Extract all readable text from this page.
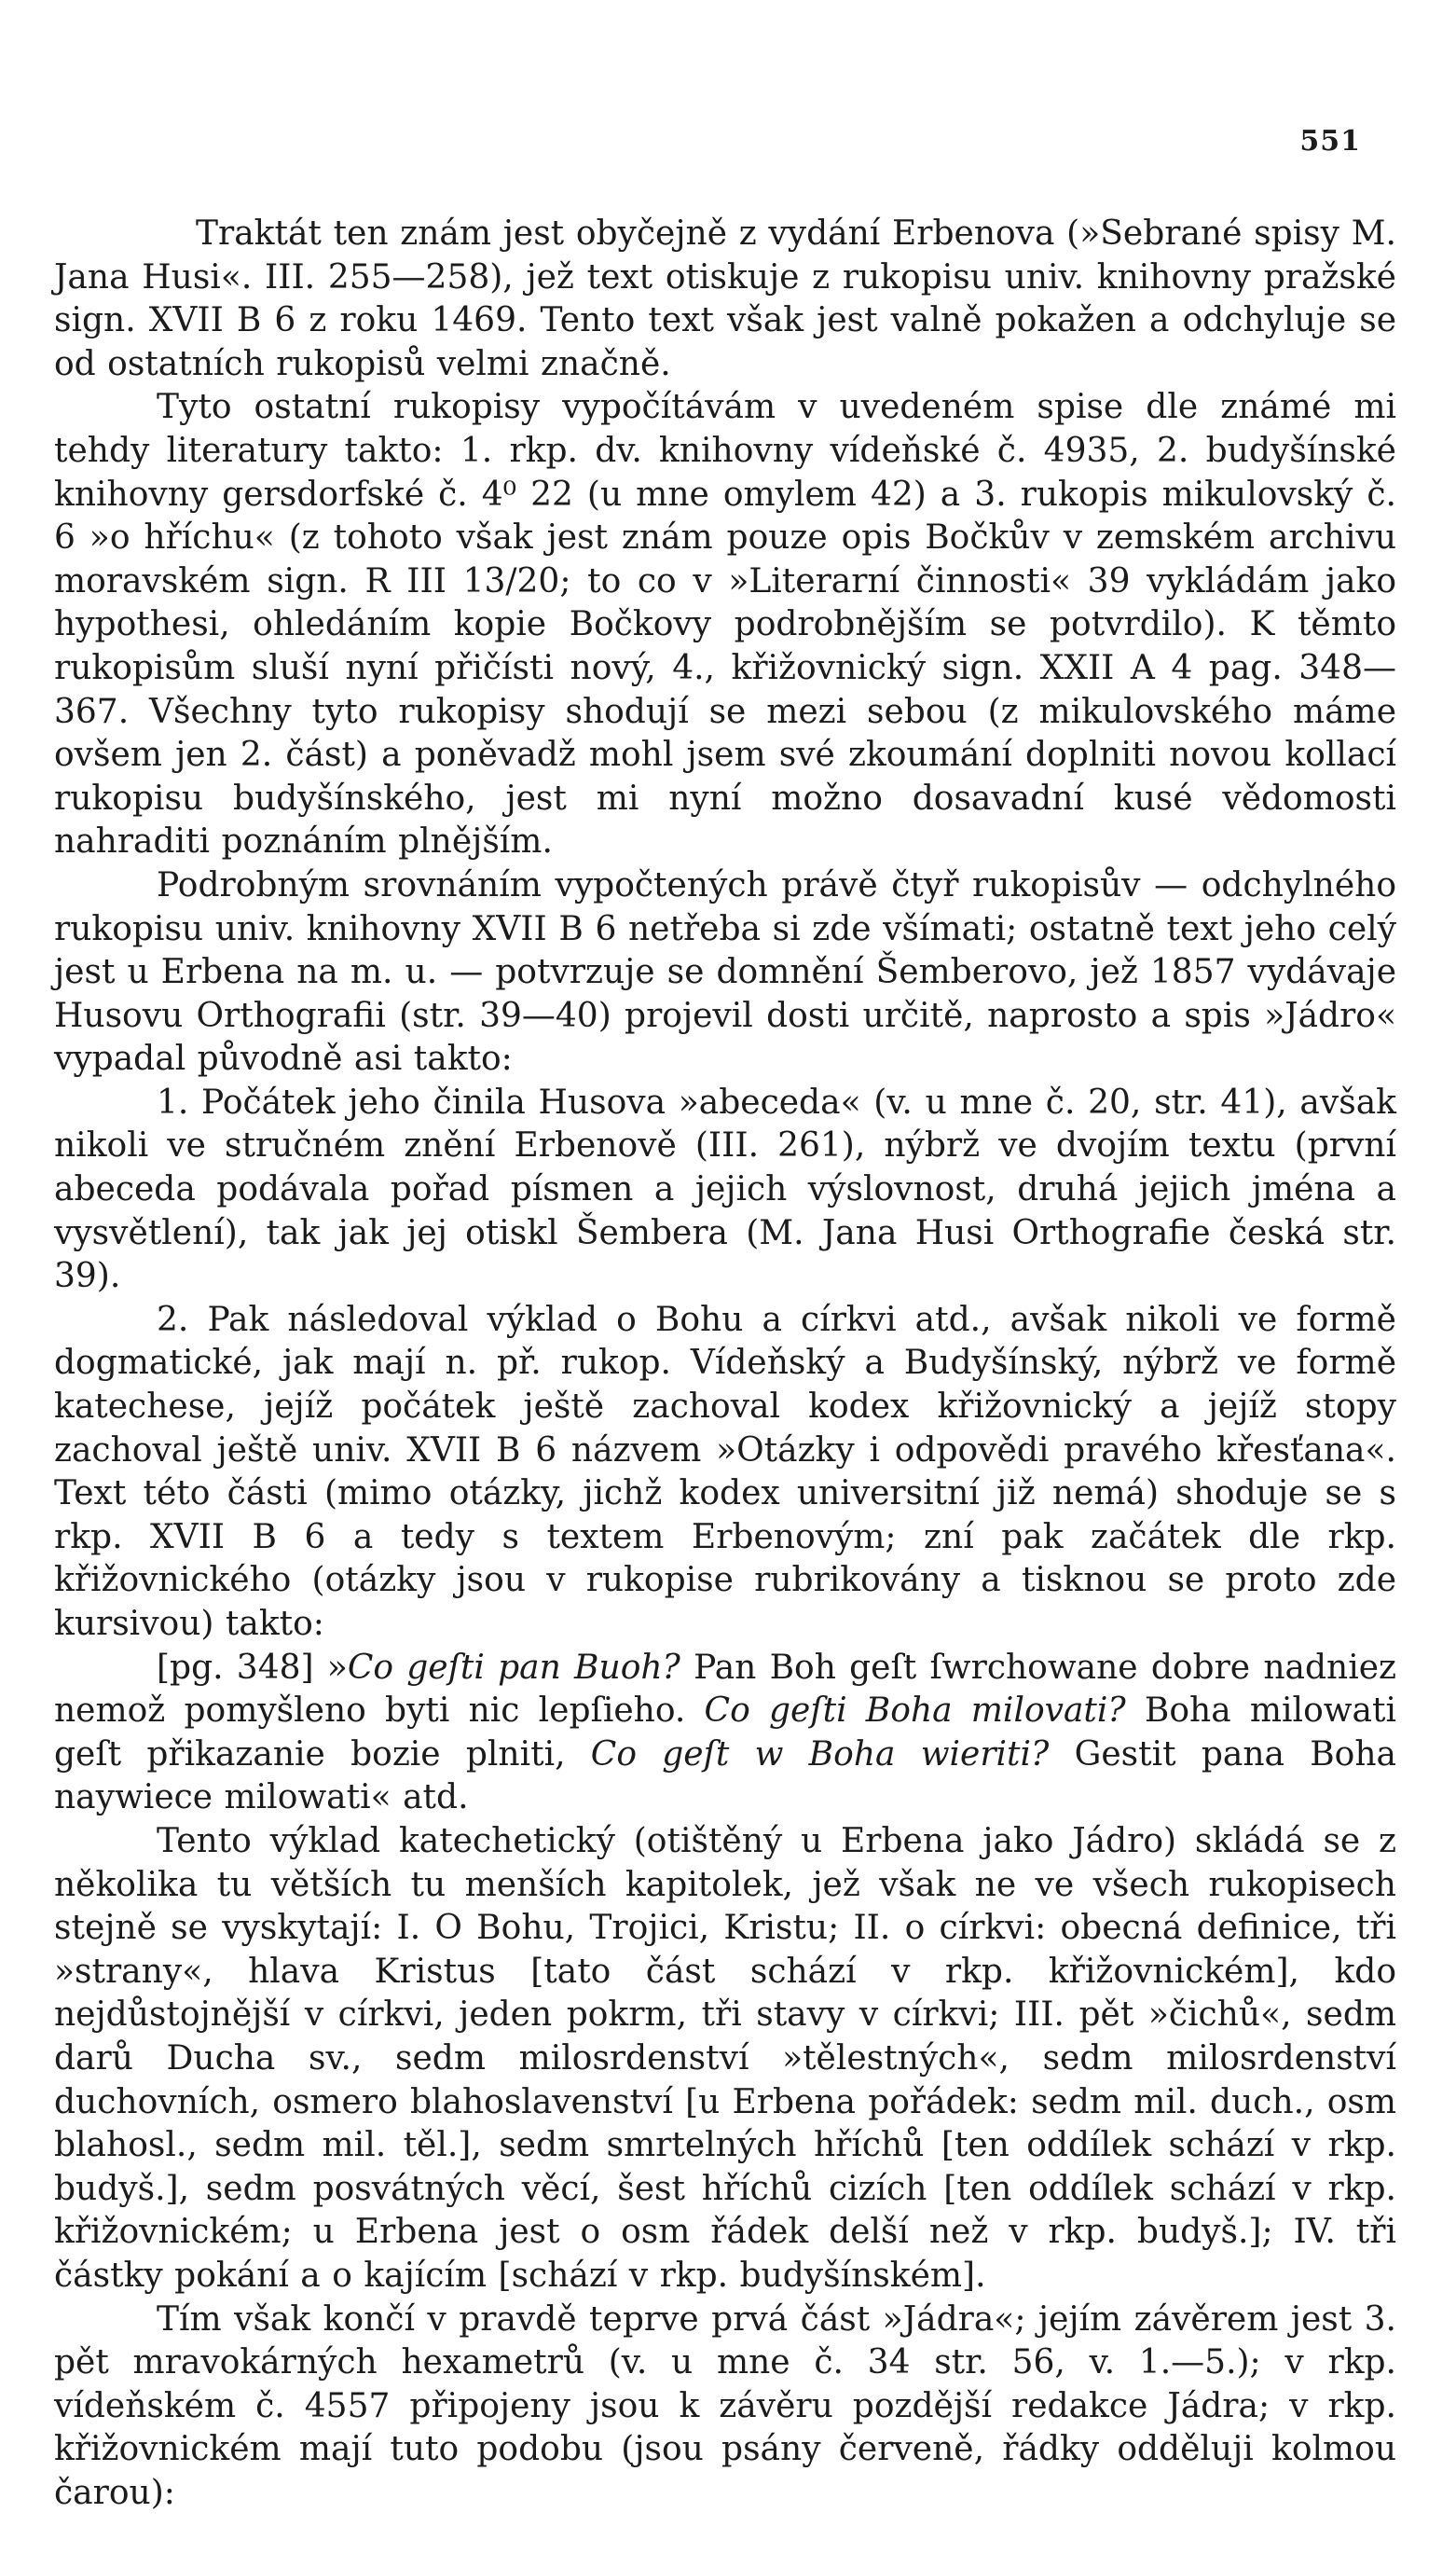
551

Traktát ten znám jest obyčejně z vydání Erbenova (»Sebrané spisy M. Jana Husi«. III. 255—258), jež text otiskuje z rukopisu univ. knihovny pražské sign. XVII B 6 z roku 1469. Tento text však jest valně pokažen a odchyluje se od ostatních rukopisů velmi značně.

Tyto ostatní rukopisy vypočítávám v uvedeném spise dle známé mi tehdy literatury takto: 1. rkp. dv. knihovny vídeňské č. 4935, 2. budyšínské knihovny gersdorfské č. 4⁰ 22 (u mne omylem 42) a 3. rukopis mikulovský č. 6 »o hříchu« (z tohoto však jest znám pouze opis Bočkův v zemském archivu moravském sign. R III 13/20; to co v »Literarní činnosti« 39 vykládám jako hypothesi, ohledáním kopie Bočkovy podrobnějším se potvrdilo). K těmto rukopisům sluší nyní přičísti nový, 4., křižovnický sign. XXII A 4 pag. 348—367. Všechny tyto rukopisy shodují se mezi sebou (z mikulovského máme ovšem jen 2. část) a poněvadž mohl jsem své zkoumání doplniti novou kollací rukopisu budyšínského, jest mi nyní možno dosavadní kusé vědomosti nahraditi poznáním plnějším.

Podrobným srovnáním vypočtených právě čtyř rukopisův — odchylného rukopisu univ. knihovny XVII B 6 netřeba si zde všímati; ostatně text jeho celý jest u Erbena na m. u. — potvrzuje se domnění Šemberovo, jež 1857 vydávaje Husovu Orthografii (str. 39—40) projevil dosti určitě, naprosto a spis »Jádro« vypadal původně asi takto:

1. Počátek jeho činila Husova »abeceda« (v. u mne č. 20, str. 41), avšak nikoli ve stručném znění Erbenově (III. 261), nýbrž ve dvojím textu (první abeceda podávala pořad písmen a jejich výslovnost, druhá jejich jména a vysvětlení), tak jak jej otiskl Šembera (M. Jana Husi Orthografie česká str. 39).

2. Pak následoval výklad o Bohu a církvi atd., avšak nikoli ve formě dogmatické, jak mají n. př. rukop. Vídeňský a Budyšínský, nýbrž ve formě katechese, jejíž počátek ještě zachoval kodex křižovnický a jejíž stopy zachoval ještě univ. XVII B 6 názvem »Otázky i odpovědi pravého křesťana«. Text této části (mimo otázky, jichž kodex universitní již nemá) shoduje se s rkp. XVII B 6 a tedy s textem Erbenovým; zní pak začátek dle rkp. křižovnického (otázky jsou v rukopise rubrikovány a tisknou se proto zde kursivou) takto:

[pg. 348] »Co geſti pan Buoh? Pan Boh geſt ſwrchowane dobre nadniez nemož pomyšleno byti nic lepſieho. Co geſti Boha milovati? Boha milowati geſt přikazanie bozie plniti, Co geſt w Boha wieriti? Gestit pana Boha naywiece milowati« atd.

Tento výklad katechetický (otištěný u Erbena jako Jádro) skládá se z několika tu větších tu menších kapitolek, jež však ne ve všech rukopisech stejně se vyskytají: I. O Bohu, Trojici, Kristu; II. o církvi: obecná definice, tři »strany«, hlava Kristus [tato část schází v rkp. křižovnickém], kdo nejdůstojnější v církvi, jeden pokrm, tři stavy v církvi; III. pět »čichů«, sedm darů Ducha sv., sedm milosrdenství »tělestných«, sedm milosrdenství duchovních, osmero blahoslavenství [u Erbena pořádek: sedm mil. duch., osm blahosl., sedm mil. těl.], sedm smrtelných hříchů [ten oddílek schází v rkp. budyš.], sedm posvátných věcí, šest hříchů cizích [ten oddílek schází v rkp. křižovnickém; u Erbena jest o osm řádek delší než v rkp. budyš.]; IV. tři částky pokání a o kajícím [schází v rkp. budyšínském].

Tím však končí v pravdě teprve prvá část »Jádra«; jejím závěrem jest 3. pět mravokárných hexametrů (v. u mne č. 34 str. 56, v. 1.—5.); v rkp. vídeňském č. 4557 připojeny jsou k závěru pozdější redakce Jádra; v rkp. křižovnickém mají tuto podobu (jsou psány červeně, řádky odděluji kolmou čarou):
